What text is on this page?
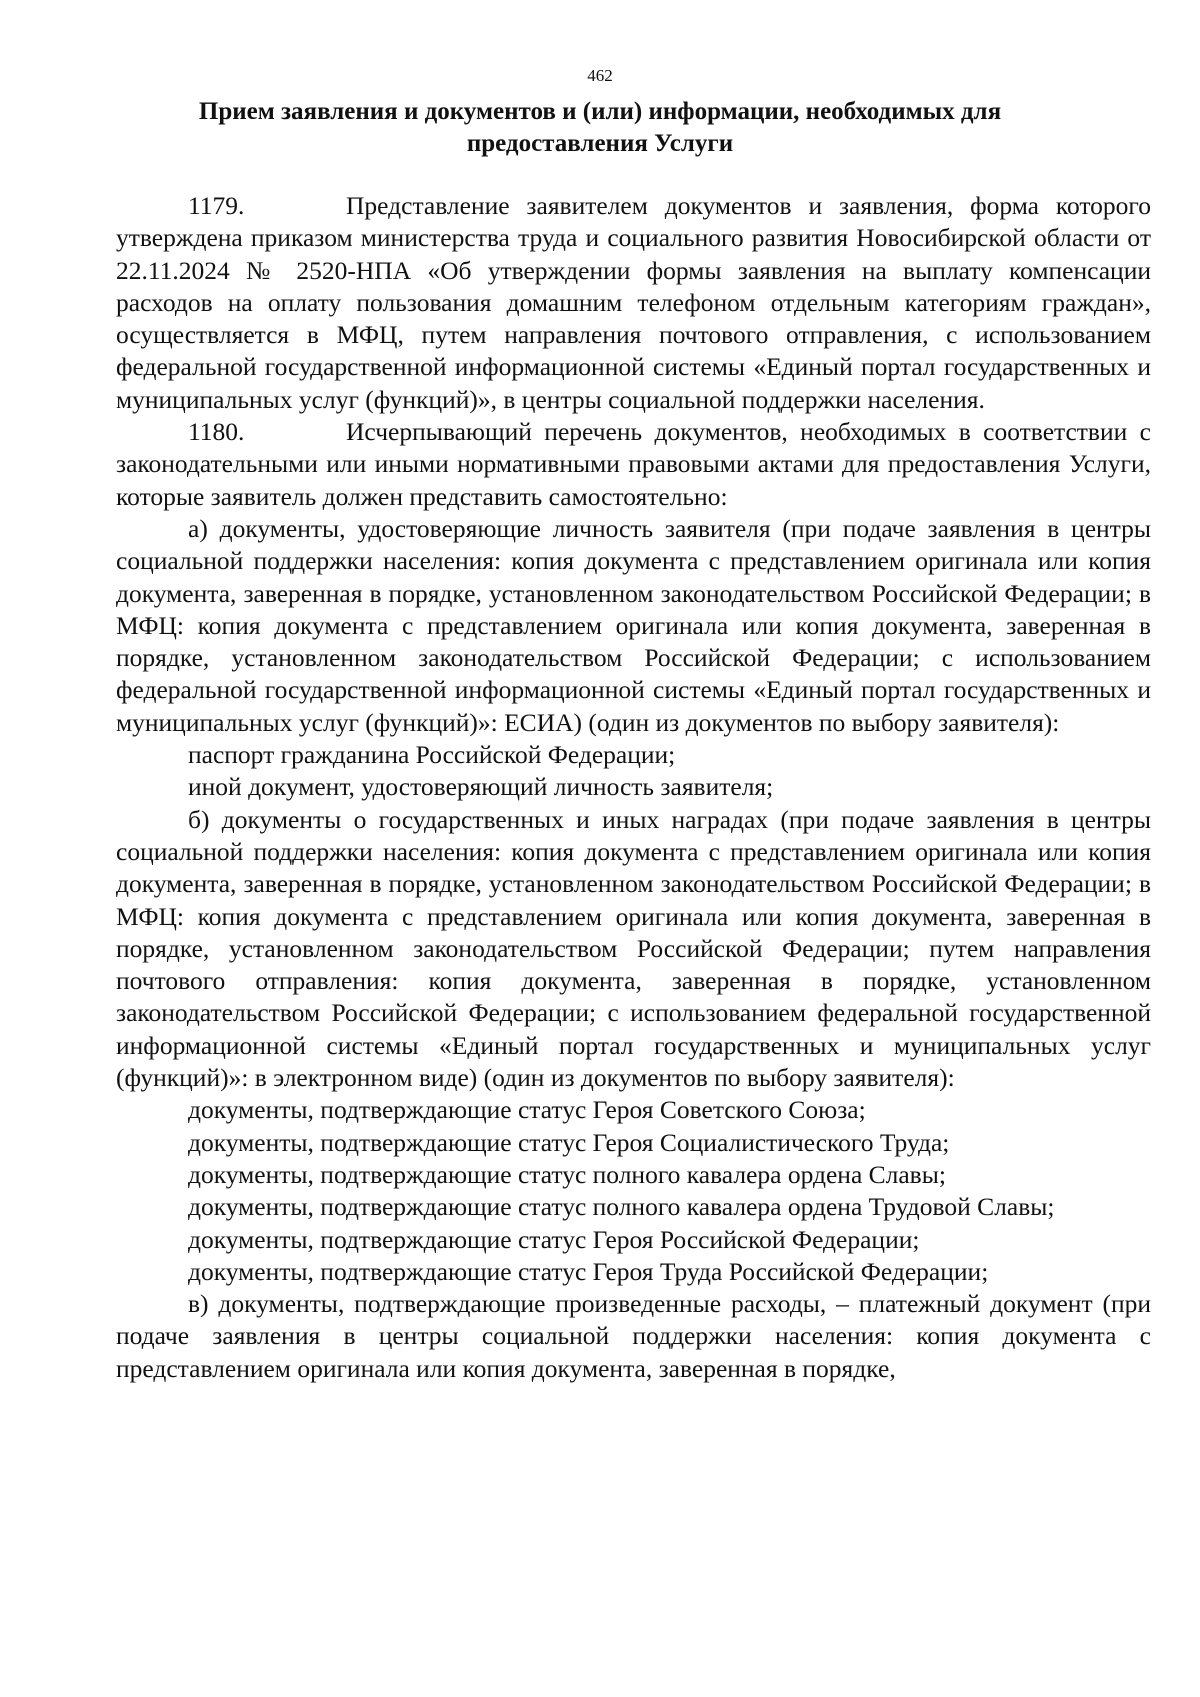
462
Прием заявления и документов и (или) информации, необходимых для
предоставления Услуги

1179.	Представление заявителем документов и заявления, форма которого утверждена приказом министерства труда и социального развития Новосибирской области от 22.11.2024 № 2520-НПА «Об утверждении формы заявления на выплату компенсации расходов на оплату пользования домашним телефоном отдельным категориям граждан», осуществляется в МФЦ, путем направления почтового отправления, с использованием федеральной государственной информационной системы «Единый портал государственных и муниципальных услуг (функций)», в центры социальной поддержки населения.

1180.	Исчерпывающий перечень документов, необходимых в соответствии с законодательными или иными нормативными правовыми актами для предоставления Услуги, которые заявитель должен представить самостоятельно:

а) документы, удостоверяющие личность заявителя (при подаче заявления в центры социальной поддержки населения: копия документа с представлением оригинала или копия документа, заверенная в порядке, установленном законодательством Российской Федерации; в МФЦ: копия документа с представлением оригинала или копия документа, заверенная в порядке, установленном законодательством Российской Федерации; с использованием федеральной государственной информационной системы «Единый портал государственных и муниципальных услуг (функций)»: ЕСИА) (один из документов по выбору заявителя):

паспорт гражданина Российской Федерации;

иной документ, удостоверяющий личность заявителя;

б) документы о государственных и иных наградах (при подаче заявления в центры социальной поддержки населения: копия документа с представлением оригинала или копия документа, заверенная в порядке, установленном законодательством Российской Федерации; в МФЦ: копия документа с представлением оригинала или копия документа, заверенная в порядке, установленном законодательством Российской Федерации; путем направления почтового отправления: копия документа, заверенная в порядке, установленном законодательством Российской Федерации; с использованием федеральной государственной информационной системы «Единый портал государственных и муниципальных услуг (функций)»: в электронном виде) (один из документов по выбору заявителя):

документы, подтверждающие статус Героя Советского Союза;

документы, подтверждающие статус Героя Социалистического Труда;

документы, подтверждающие статус полного кавалера ордена Славы;

документы, подтверждающие статус полного кавалера ордена Трудовой Славы;

документы, подтверждающие статус Героя Российской Федерации;

документы, подтверждающие статус Героя Труда Российской Федерации;

в) документы, подтверждающие произведенные расходы, – платежный документ (при подаче заявления в центры социальной поддержки населения: копия документа с представлением оригинала или копия документа, заверенная в порядке,
